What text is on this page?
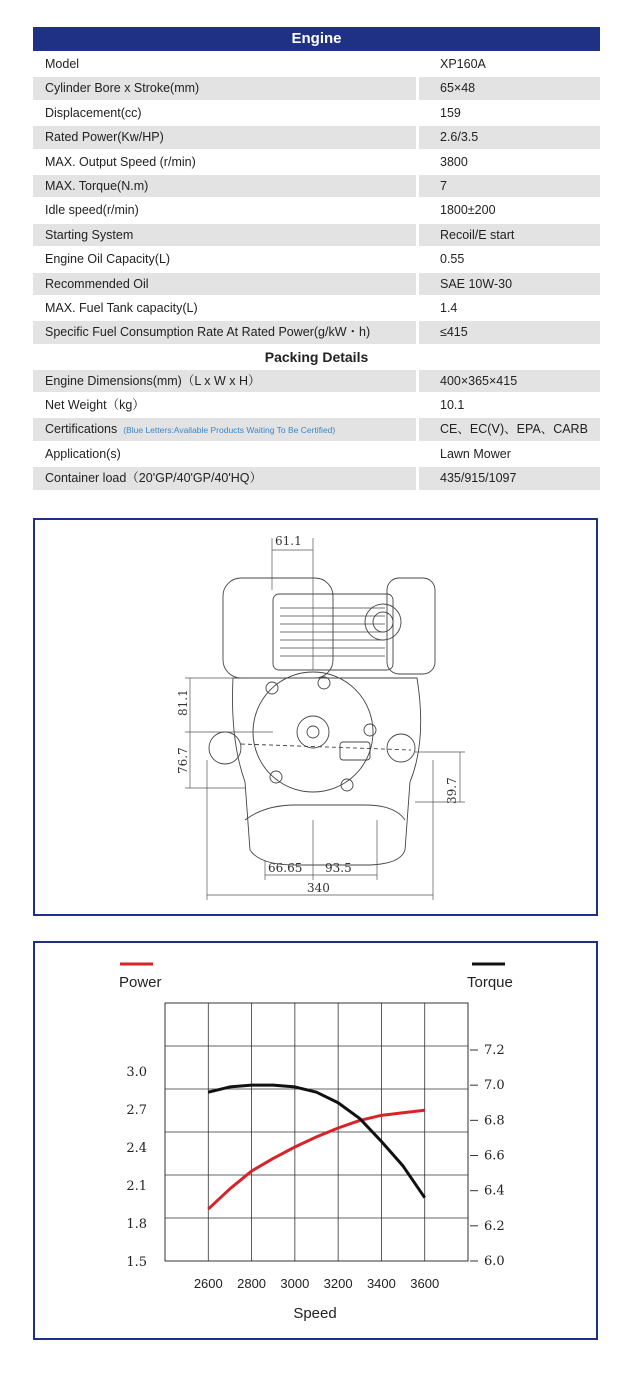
Engine
Model	XP160A
Cylinder Bore x Stroke(mm)	65×48
Displacement(cc)	159
Rated Power(Kw/HP)	2.6/3.5
MAX. Output Speed (r/min)	3800
MAX. Torque(N.m)	7
Idle speed(r/min)	1800±200
Starting System	Recoil/E start
Engine Oil Capacity(L)	0.55
Recommended Oil	SAE 10W-30
MAX. Fuel Tank capacity(L)	1.4
Specific Fuel Consumption Rate At Rated Power(g/kW・h)	≤415
Packing Details
Engine Dimensions(mm)（L x W x H）	400×365×415
Net Weight（kg）	10.1
Certifications (Blue Letters:Available Products Waiting To Be Certified)	CE、EC(Ⅴ)、EPA、CARB
Application(s)	Lawn Mower
Container load（20'GP/40'GP/40'HQ）	435/915/1097
61.1
81.1
76.7
39.7
66.65 93.5
340
Power	Torque
2600 2800 3000 3200 3400 3600
3.0
2.7
2.4
2.1
1.8
1.5
7.2
7.0
6.8
6.6
6.4
6.2
6.0
Speed
